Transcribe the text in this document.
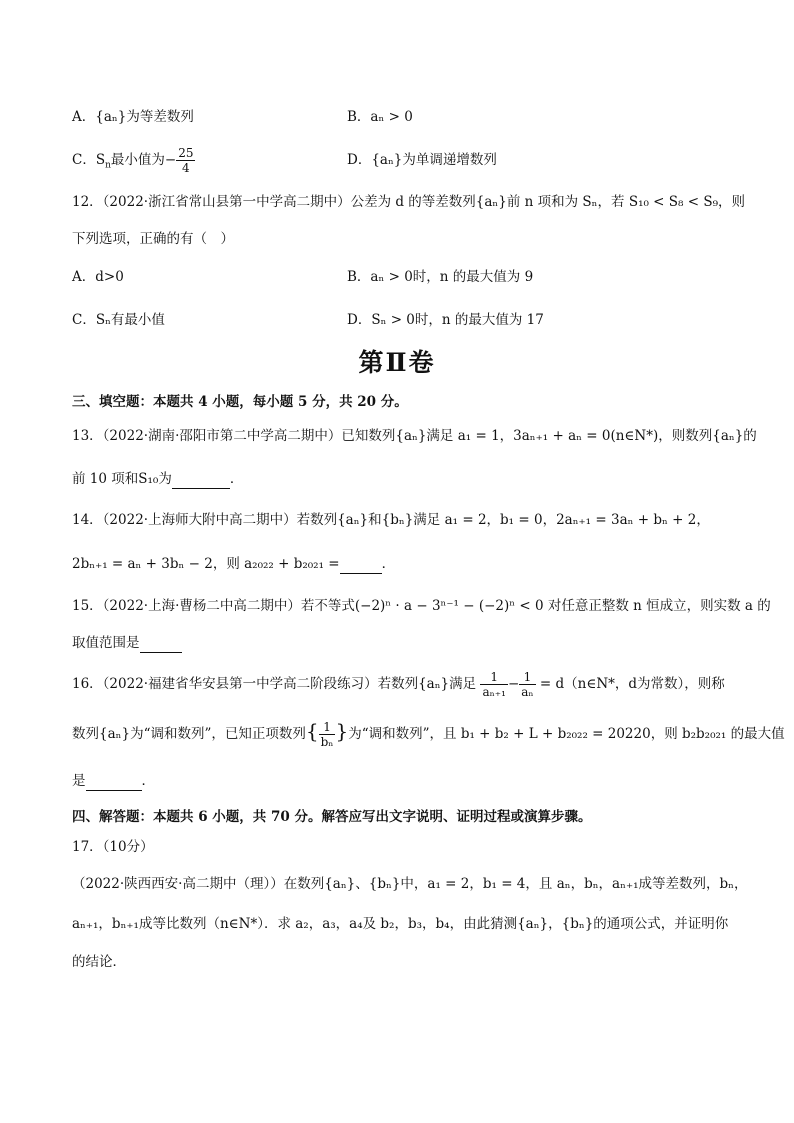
A．{aₙ}为等差数列	B．aₙ > 0
C．$S_n$最小值为− $\frac{25}{4}$	D．{aₙ}为单调递增数列
12．（2022·浙江省常山县第一中学高二期中）公差为 d 的等差数列{aₙ}前 n 项和为 Sₙ，若 S₁₀ < S₈ < S₉，则
下列选项，正确的有（　）
A．d>0	B．aₙ > 0时，n 的最大值为 9
C．Sₙ有最小值	D．Sₙ > 0时，n 的最大值为 17
第Ⅱ卷
三、填空题：本题共 4 小题，每小题 5 分，共 20 分。
13．（2022·湖南·邵阳市第二中学高二期中）已知数列{aₙ}满足 a₁ = 1，3aₙ₊₁ + aₙ = 0(n∈N*)，则数列{aₙ}的
前 10 项和S₁₀为	．
14．（2022·上海师大附中高二期中）若数列{aₙ}和{bₙ}满足 a₁ = 2，b₁ = 0，2aₙ₊₁ = 3aₙ + bₙ + 2，
2bₙ₊₁ = aₙ + 3bₙ − 2，则 a₂₀₂₂ + b₂₀₂₁ =	．
15．（2022·上海·曹杨二中高二期中）若不等式(−2)ⁿ · a − 3ⁿ⁻¹ − (−2)ⁿ < 0 对任意正整数 n 恒成立，则实数 a 的
取值范围是
16．（2022·福建省华安县第一中学高二阶段练习）若数列{aₙ}满足 $\frac{1}{\text{aₙ₊₁}} - \frac{1}{\text{aₙ}}$ = d（n∈N*，d为常数），则称
数列{aₙ}为“调和数列”，已知正项数列{ $\frac{1}{\text{bₙ}}$ }为“调和数列”，且 b₁ + b₂ + L + b₂₀₂₂ = 20220，则 b₂b₂₀₂₁ 的最大值
是	．
四、解答题：本题共 6 小题，共 70 分。解答应写出文字说明、证明过程或演算步骤。
17．（10分）
（2022·陕西西安·高二期中（理））在数列{aₙ}、{bₙ}中，a₁ = 2，b₁ = 4，且 aₙ，bₙ，aₙ₊₁成等差数列，bₙ，
aₙ₊₁，bₙ₊₁成等比数列（n∈N*）．求 a₂，a₃，a₄及 b₂，b₃，b₄，由此猜测{aₙ}，{bₙ}的通项公式，并证明你
的结论．
